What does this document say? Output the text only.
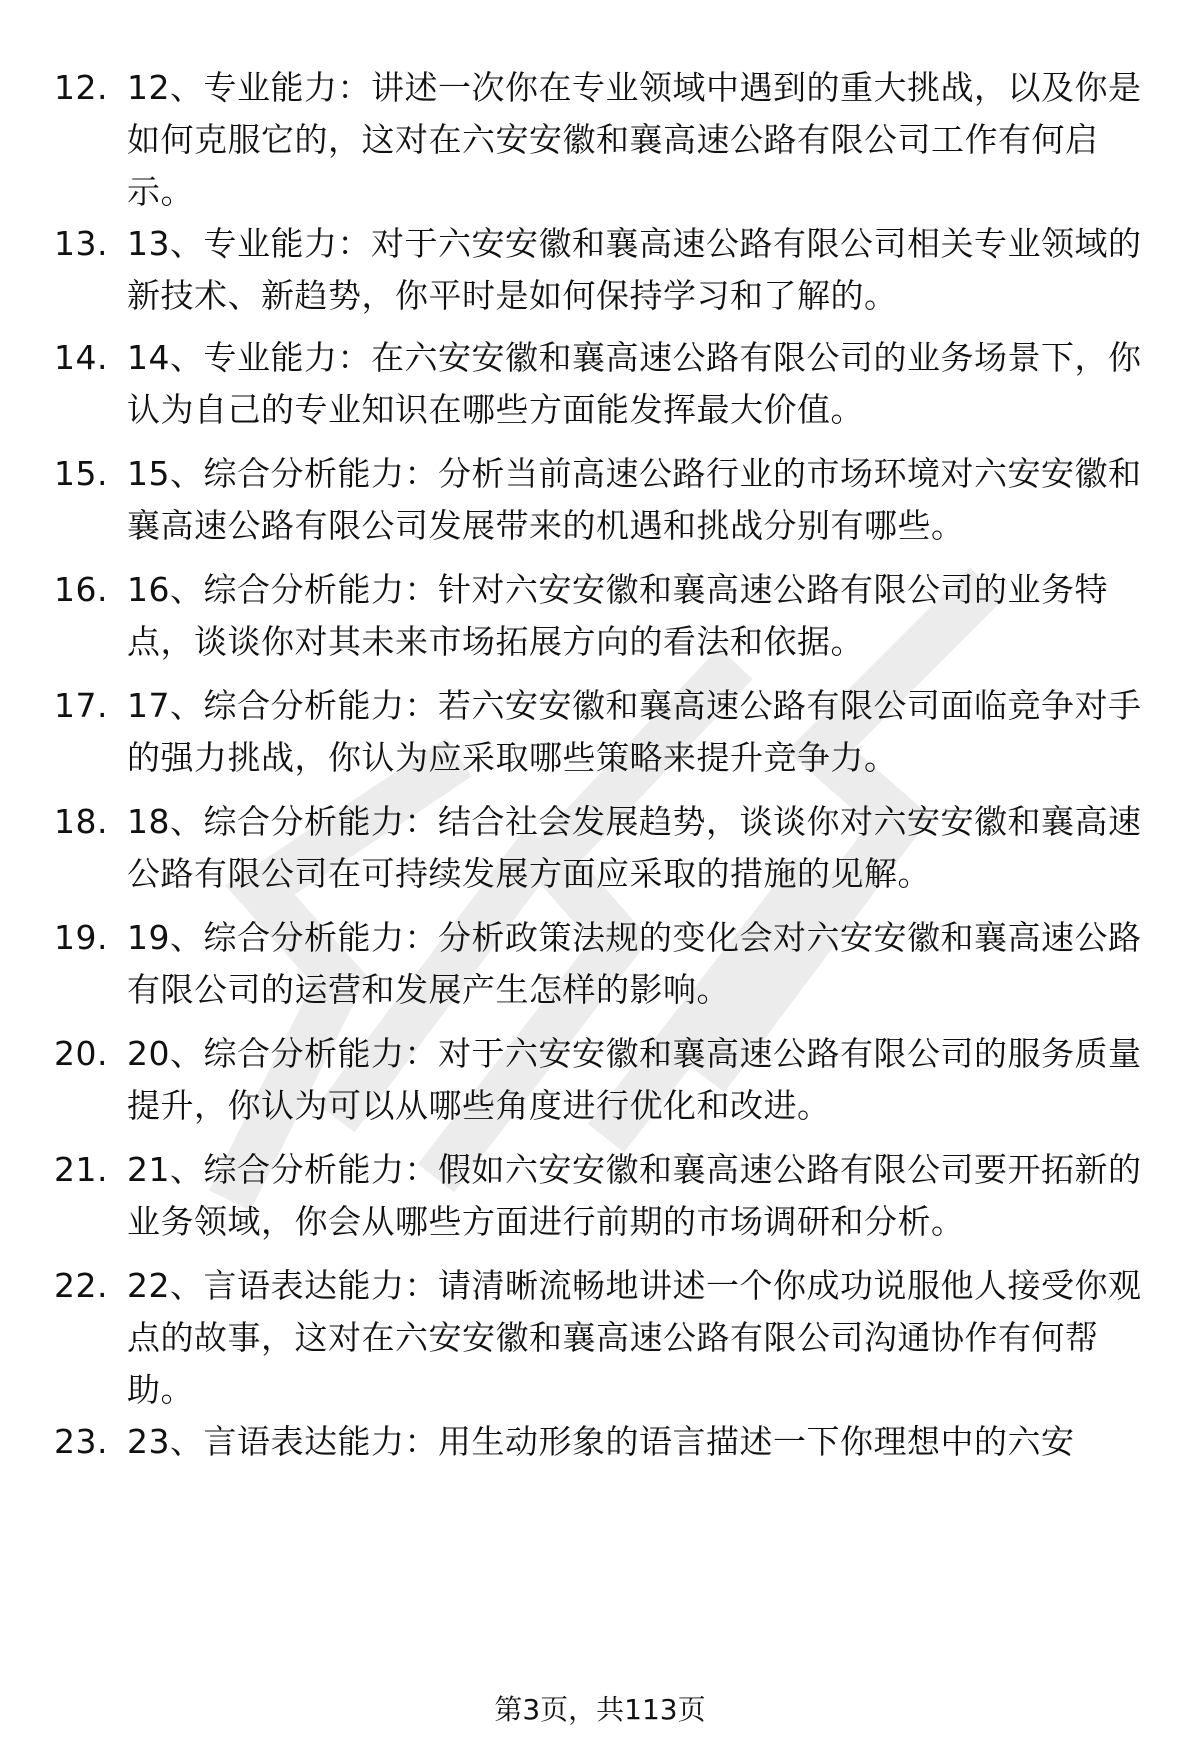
12. 12、专业能力：讲述一次你在专业领域中遇到的重大挑战，以及你是如何克服它的，这对在六安安徽和襄高速公路有限公司工作有何启示。
13. 13、专业能力：对于六安安徽和襄高速公路有限公司相关专业领域的新技术、新趋势，你平时是如何保持学习和了解的。
14. 14、专业能力：在六安安徽和襄高速公路有限公司的业务场景下，你认为自己的专业知识在哪些方面能发挥最大价值。
15. 15、综合分析能力：分析当前高速公路行业的市场环境对六安安徽和襄高速公路有限公司发展带来的机遇和挑战分别有哪些。
16. 16、综合分析能力：针对六安安徽和襄高速公路有限公司的业务特点，谈谈你对其未来市场拓展方向的看法和依据。
17. 17、综合分析能力：若六安安徽和襄高速公路有限公司面临竞争对手的强力挑战，你认为应采取哪些策略来提升竞争力。
18. 18、综合分析能力：结合社会发展趋势，谈谈你对六安安徽和襄高速公路有限公司在可持续发展方面应采取的措施的见解。
19. 19、综合分析能力：分析政策法规的变化会对六安安徽和襄高速公路有限公司的运营和发展产生怎样的影响。
20. 20、综合分析能力：对于六安安徽和襄高速公路有限公司的服务质量提升，你认为可以从哪些角度进行优化和改进。
21. 21、综合分析能力：假如六安安徽和襄高速公路有限公司要开拓新的业务领域，你会从哪些方面进行前期的市场调研和分析。
22. 22、言语表达能力：请清晰流畅地讲述一个你成功说服他人接受你观点的故事，这对在六安安徽和襄高速公路有限公司沟通协作有何帮助。
23. 23、言语表达能力：用生动形象的语言描述一下你理想中的六安
第3页，共113页
